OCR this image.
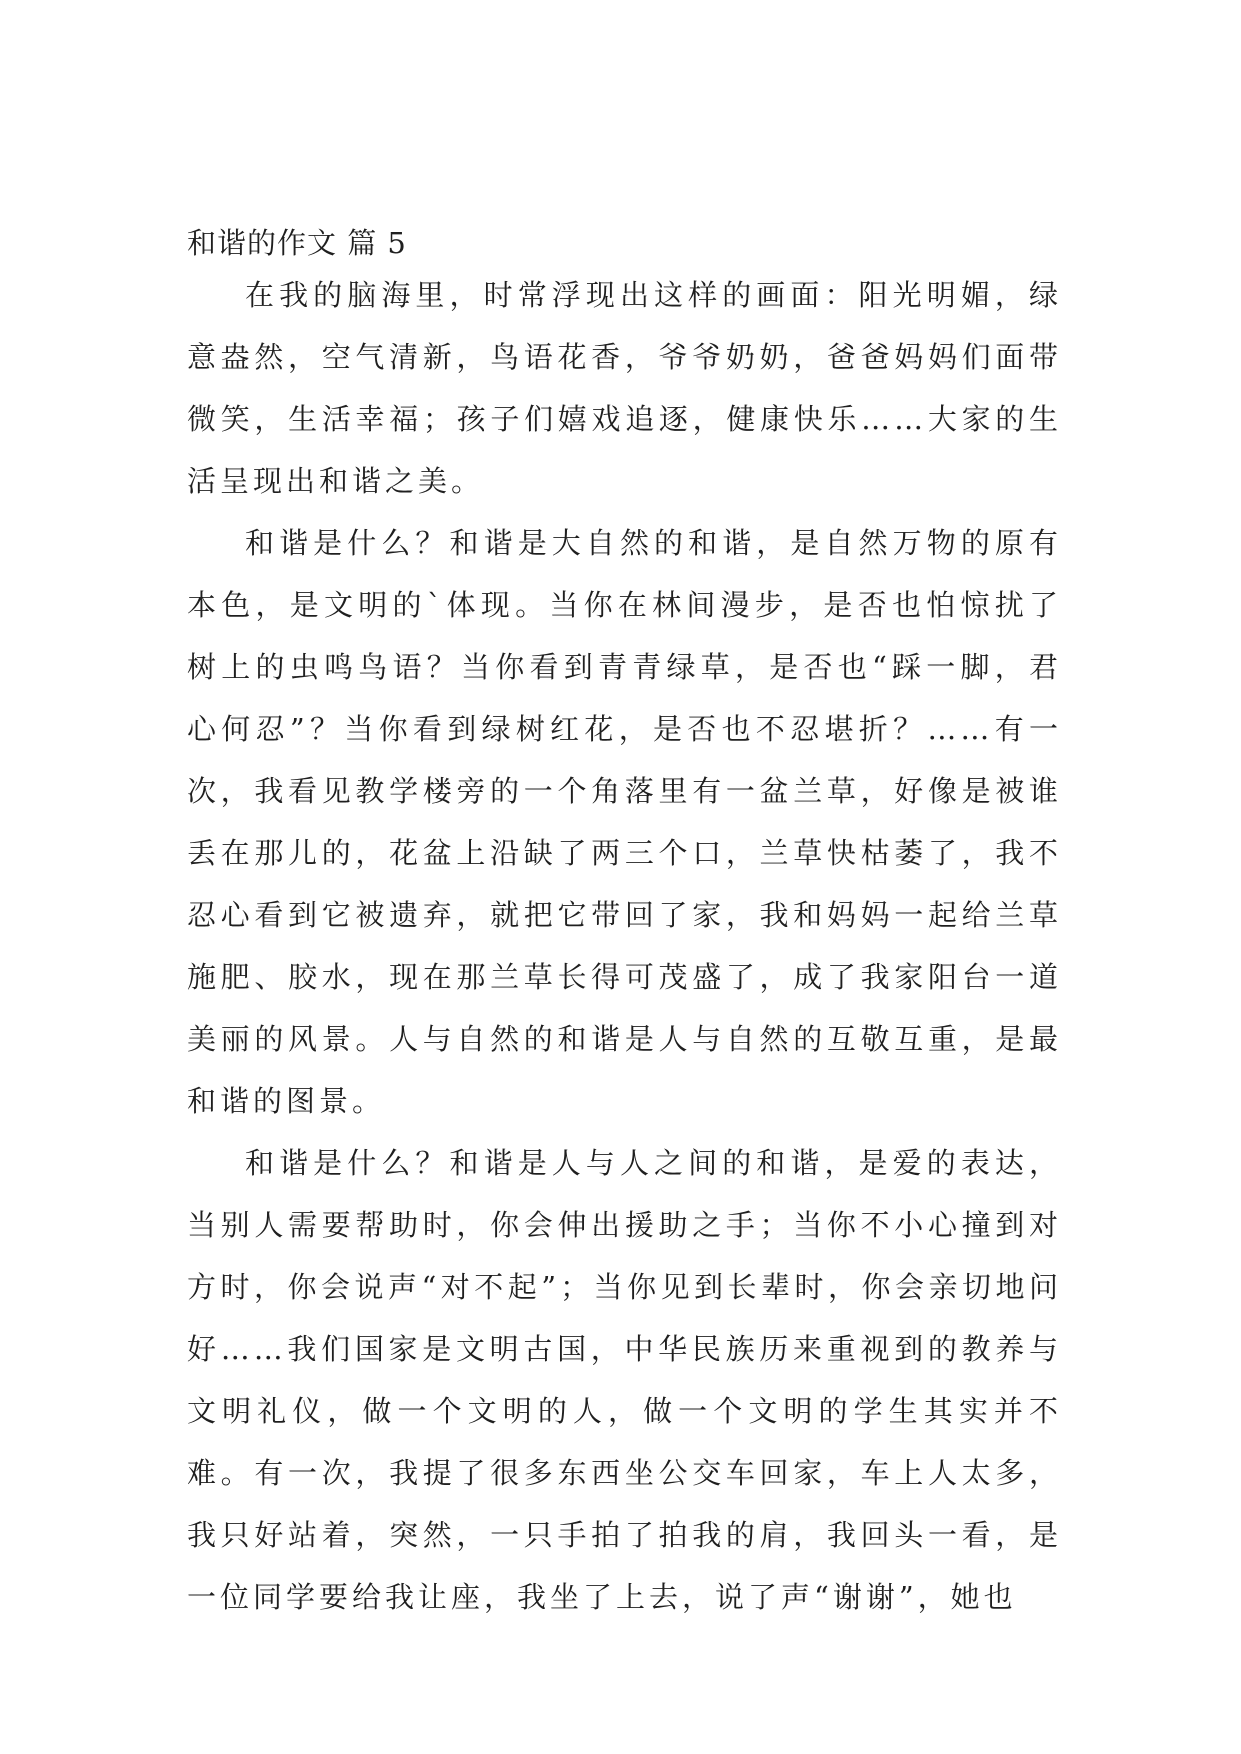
和谐的作文 篇 5

在我的脑海里，时常浮现出这样的画面：阳光明媚，绿意盎然，空气清新，鸟语花香，爷爷奶奶，爸爸妈妈们面带微笑，生活幸福；孩子们嬉戏追逐，健康快乐……大家的生活呈现出和谐之美。

和谐是什么？和谐是大自然的和谐，是自然万物的原有本色，是文明的`体现。当你在林间漫步，是否也怕惊扰了树上的虫鸣鸟语？当你看到青青绿草，是否也“踩一脚，君心何忍”？当你看到绿树红花，是否也不忍堪折？……有一次，我看见教学楼旁的一个角落里有一盆兰草，好像是被谁丢在那儿的，花盆上沿缺了两三个口，兰草快枯萎了，我不忍心看到它被遗弃，就把它带回了家，我和妈妈一起给兰草施肥、胶水，现在那兰草长得可茂盛了，成了我家阳台一道美丽的风景。人与自然的和谐是人与自然的互敬互重，是最和谐的图景。

和谐是什么？和谐是人与人之间的和谐，是爱的表达，当别人需要帮助时，你会伸出援助之手；当你不小心撞到对方时，你会说声“对不起”；当你见到长辈时，你会亲切地问好……我们国家是文明古国，中华民族历来重视到的教养与文明礼仪，做一个文明的人，做一个文明的学生其实并不难。有一次，我提了很多东西坐公交车回家，车上人太多，我只好站着，突然，一只手拍了拍我的肩，我回头一看，是一位同学要给我让座，我坐了上去，说了声“谢谢”，她也
